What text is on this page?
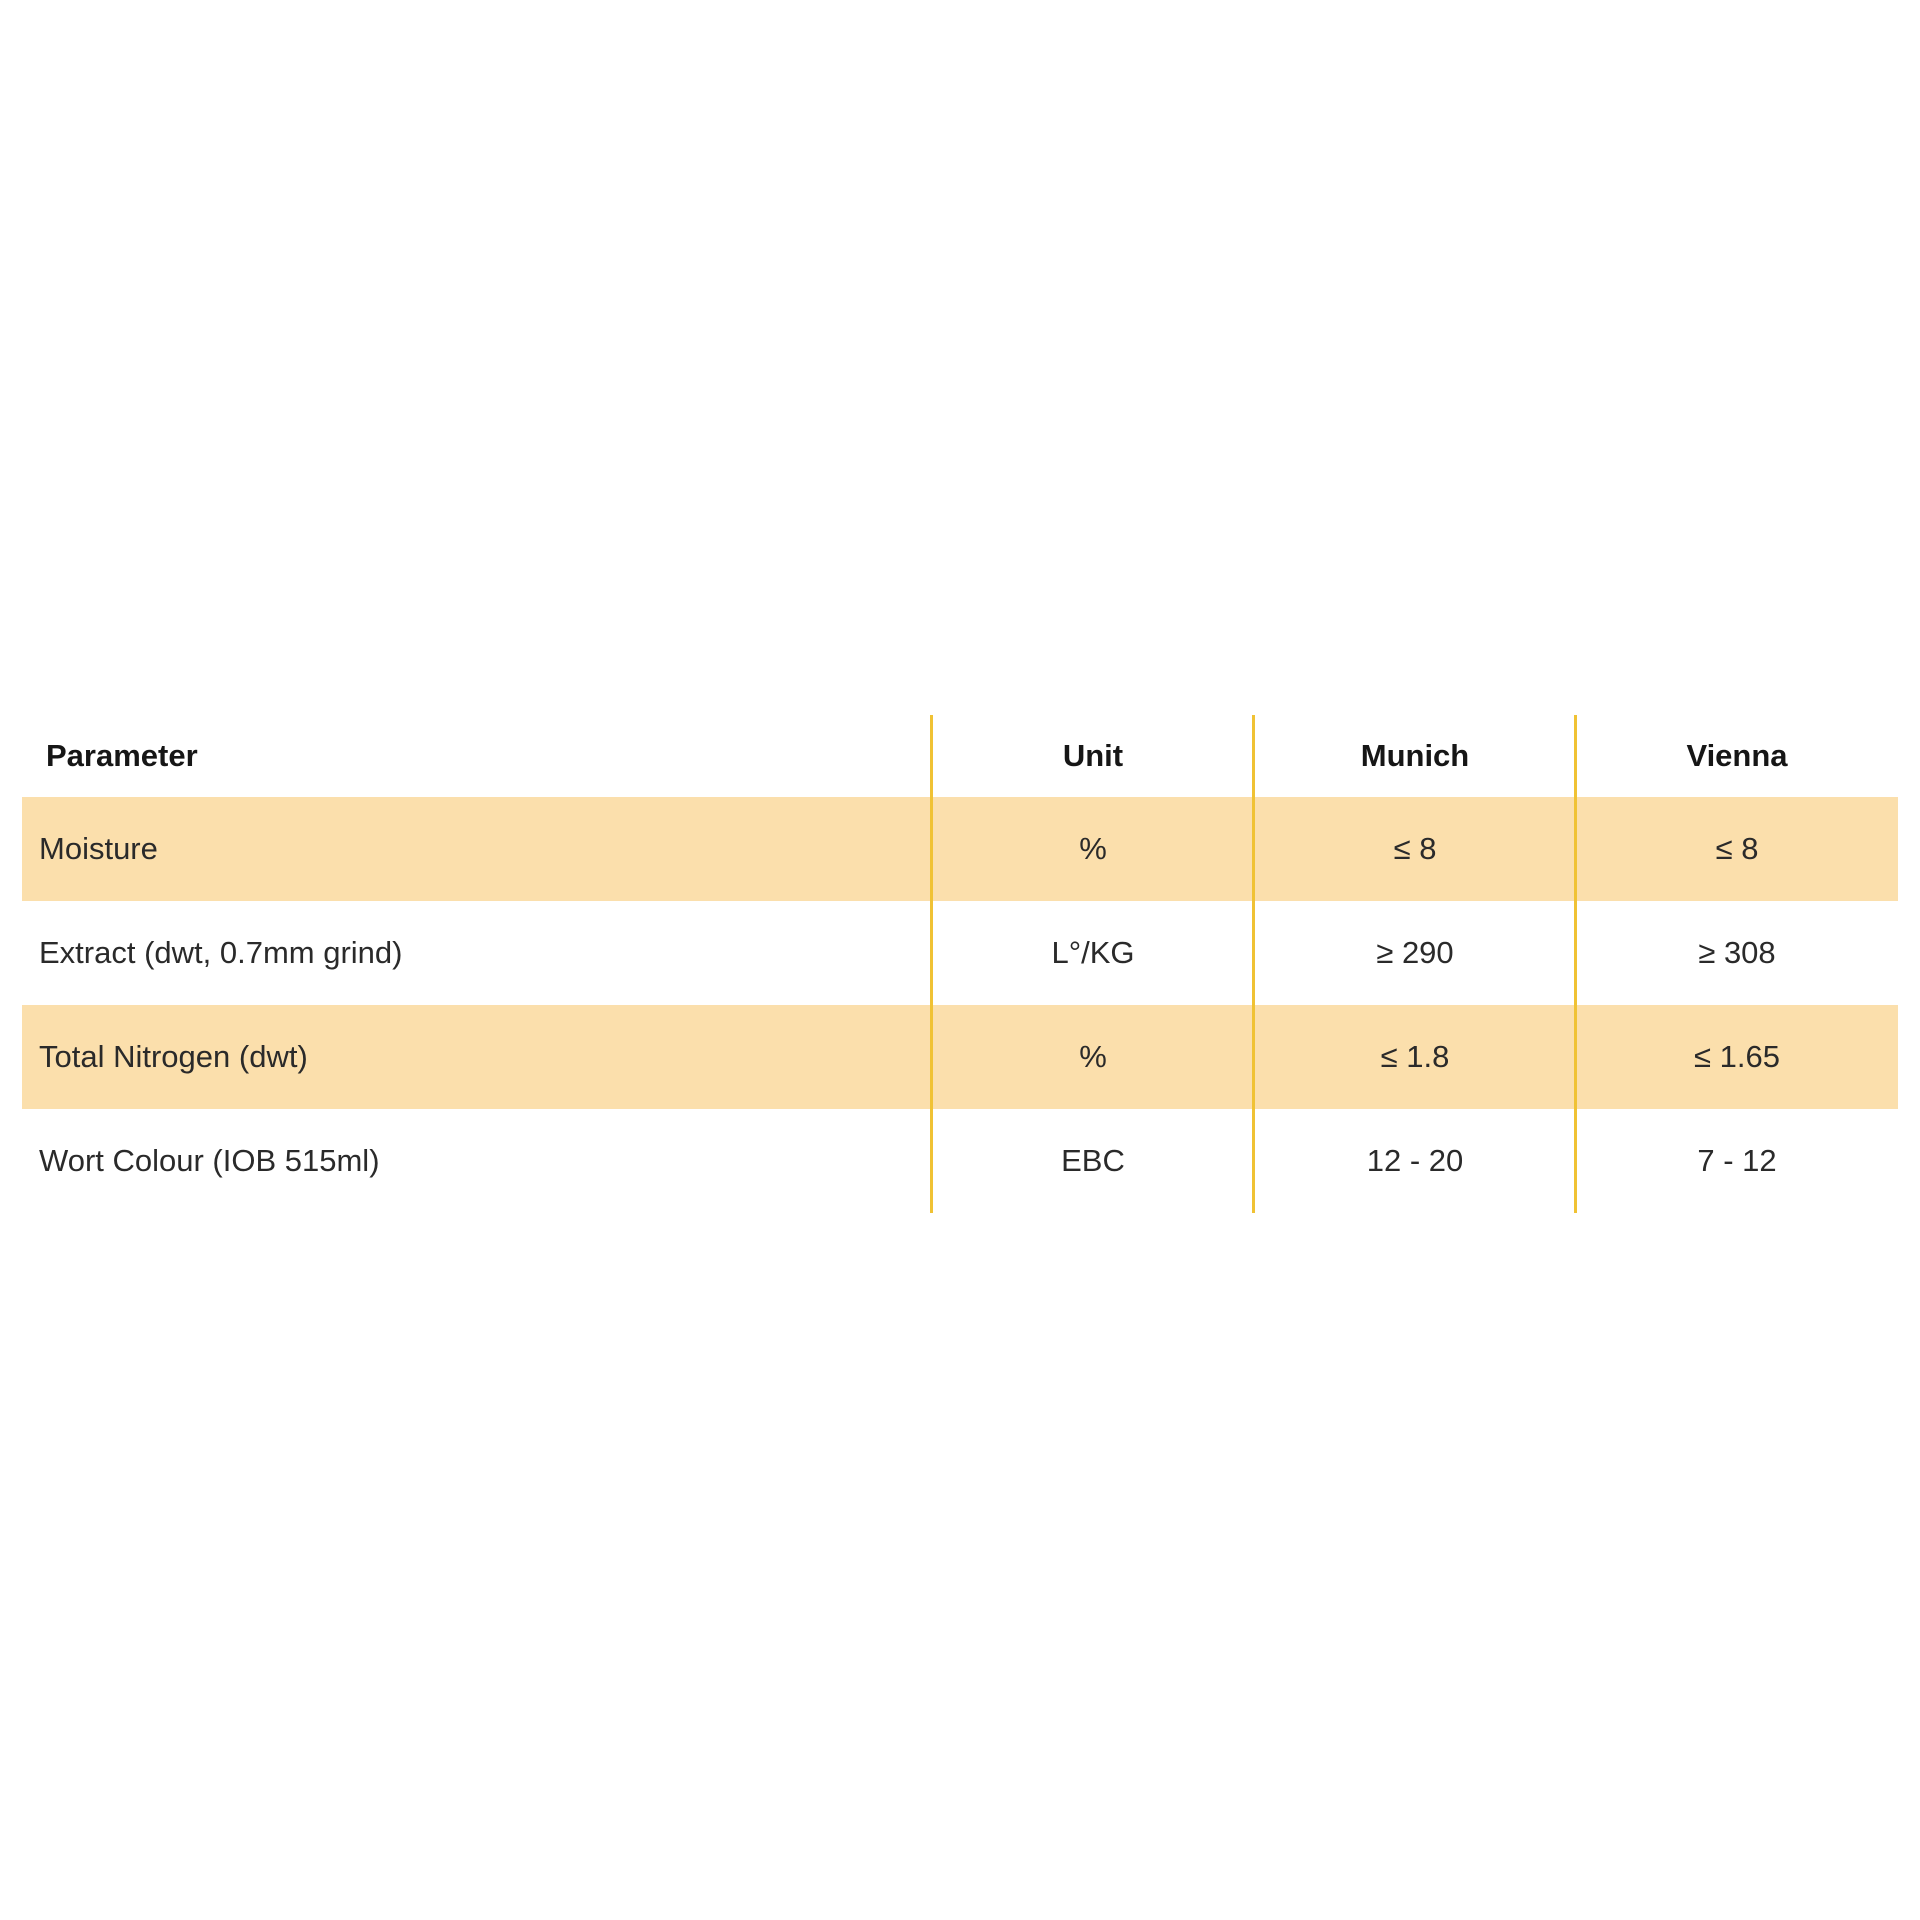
Parameter	Unit	Munich	Vienna
Moisture	%	≤ 8	≤ 8
Extract (dwt, 0.7mm grind)	L°/KG	≥ 290	≥ 308
Total Nitrogen (dwt)	%	≤ 1.8	≤ 1.65
Wort Colour (IOB 515ml)	EBC	12 - 20	7 - 12
